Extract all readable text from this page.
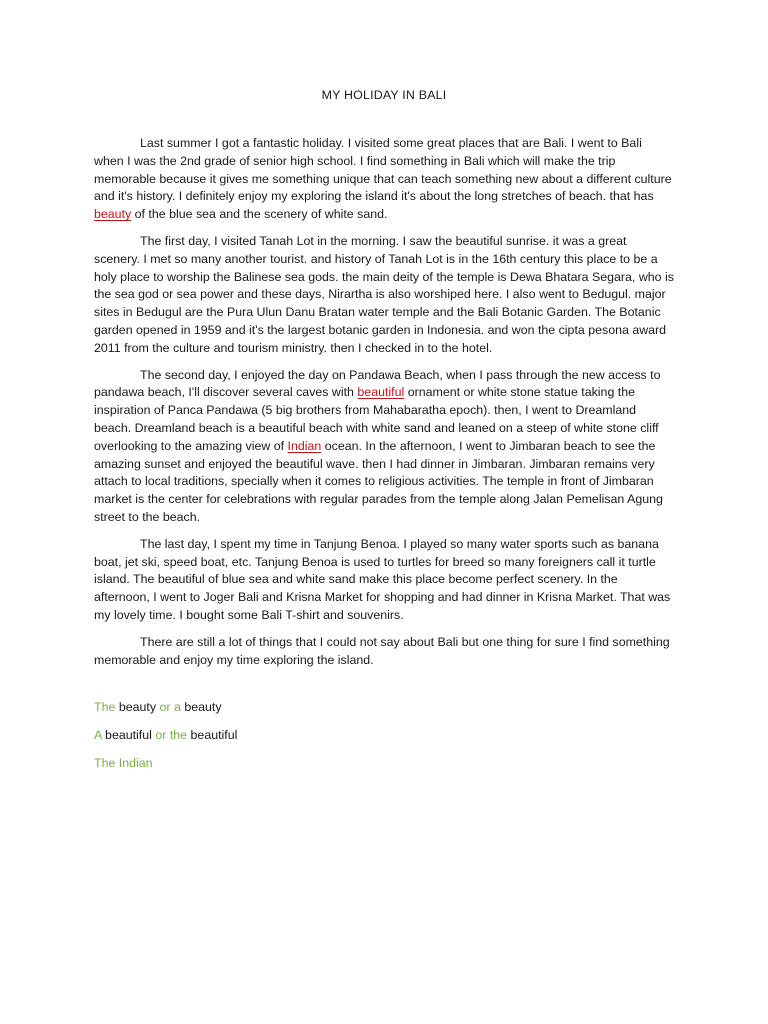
MY HOLIDAY IN BALI

Last summer I got a fantastic holiday. I visited some great places that are Bali. I went to Bali when I was the 2nd grade of senior high school. I find something in Bali which will make the trip memorable because it gives me something unique that can teach something new about a different culture and it's history. I definitely enjoy my exploring the island it's about the long stretches of beach. that has beauty of the blue sea and the scenery of white sand.

The first day, I visited Tanah Lot in the morning. I saw the beautiful sunrise. it was a great scenery. I met so many another tourist. and history of Tanah Lot is in the 16th century this place to be a holy place to worship the Balinese sea gods. the main deity of the temple is Dewa Bhatara Segara, who is the sea god or sea power and these days, Nirartha is also worshiped here. I also went to Bedugul. major sites in Bedugul are the Pura Ulun Danu Bratan water temple and the Bali Botanic Garden. The Botanic garden opened in 1959 and it's the largest botanic garden in Indonesia. and won the cipta pesona award 2011 from the culture and tourism ministry. then I checked in to the hotel.

The second day, I enjoyed the day on Pandawa Beach, when I pass through the new access to pandawa beach, I'll discover several caves with beautiful ornament or white stone statue taking the inspiration of Panca Pandawa (5 big brothers from Mahabaratha epoch). then, I went to Dreamland beach. Dreamland beach is a beautiful beach with white sand and leaned on a steep of white stone cliff overlooking to the amazing view of Indian ocean. In the afternoon, I went to Jimbaran beach to see the amazing sunset and enjoyed the beautiful wave. then I had dinner in Jimbaran. Jimbaran remains very attach to local traditions, specially when it comes to religious activities. The temple in front of Jimbaran market is the center for celebrations with regular parades from the temple along Jalan Pemelisan Agung street to the beach.

The last day, I spent my time in Tanjung Benoa. I played so many water sports such as banana boat, jet ski, speed boat, etc. Tanjung Benoa is used to turtles for breed so many foreigners call it turtle island. The beautiful of blue sea and white sand make this place become perfect scenery. In the afternoon, I went to Joger Bali and Krisna Market for shopping and had dinner in Krisna Market. That was my lovely time. I bought some Bali T-shirt and souvenirs.

There are still a lot of things that I could not say about Bali but one thing for sure I find something memorable and enjoy my time exploring the island.

The beauty or a beauty
A beautiful or the beautiful
The Indian
